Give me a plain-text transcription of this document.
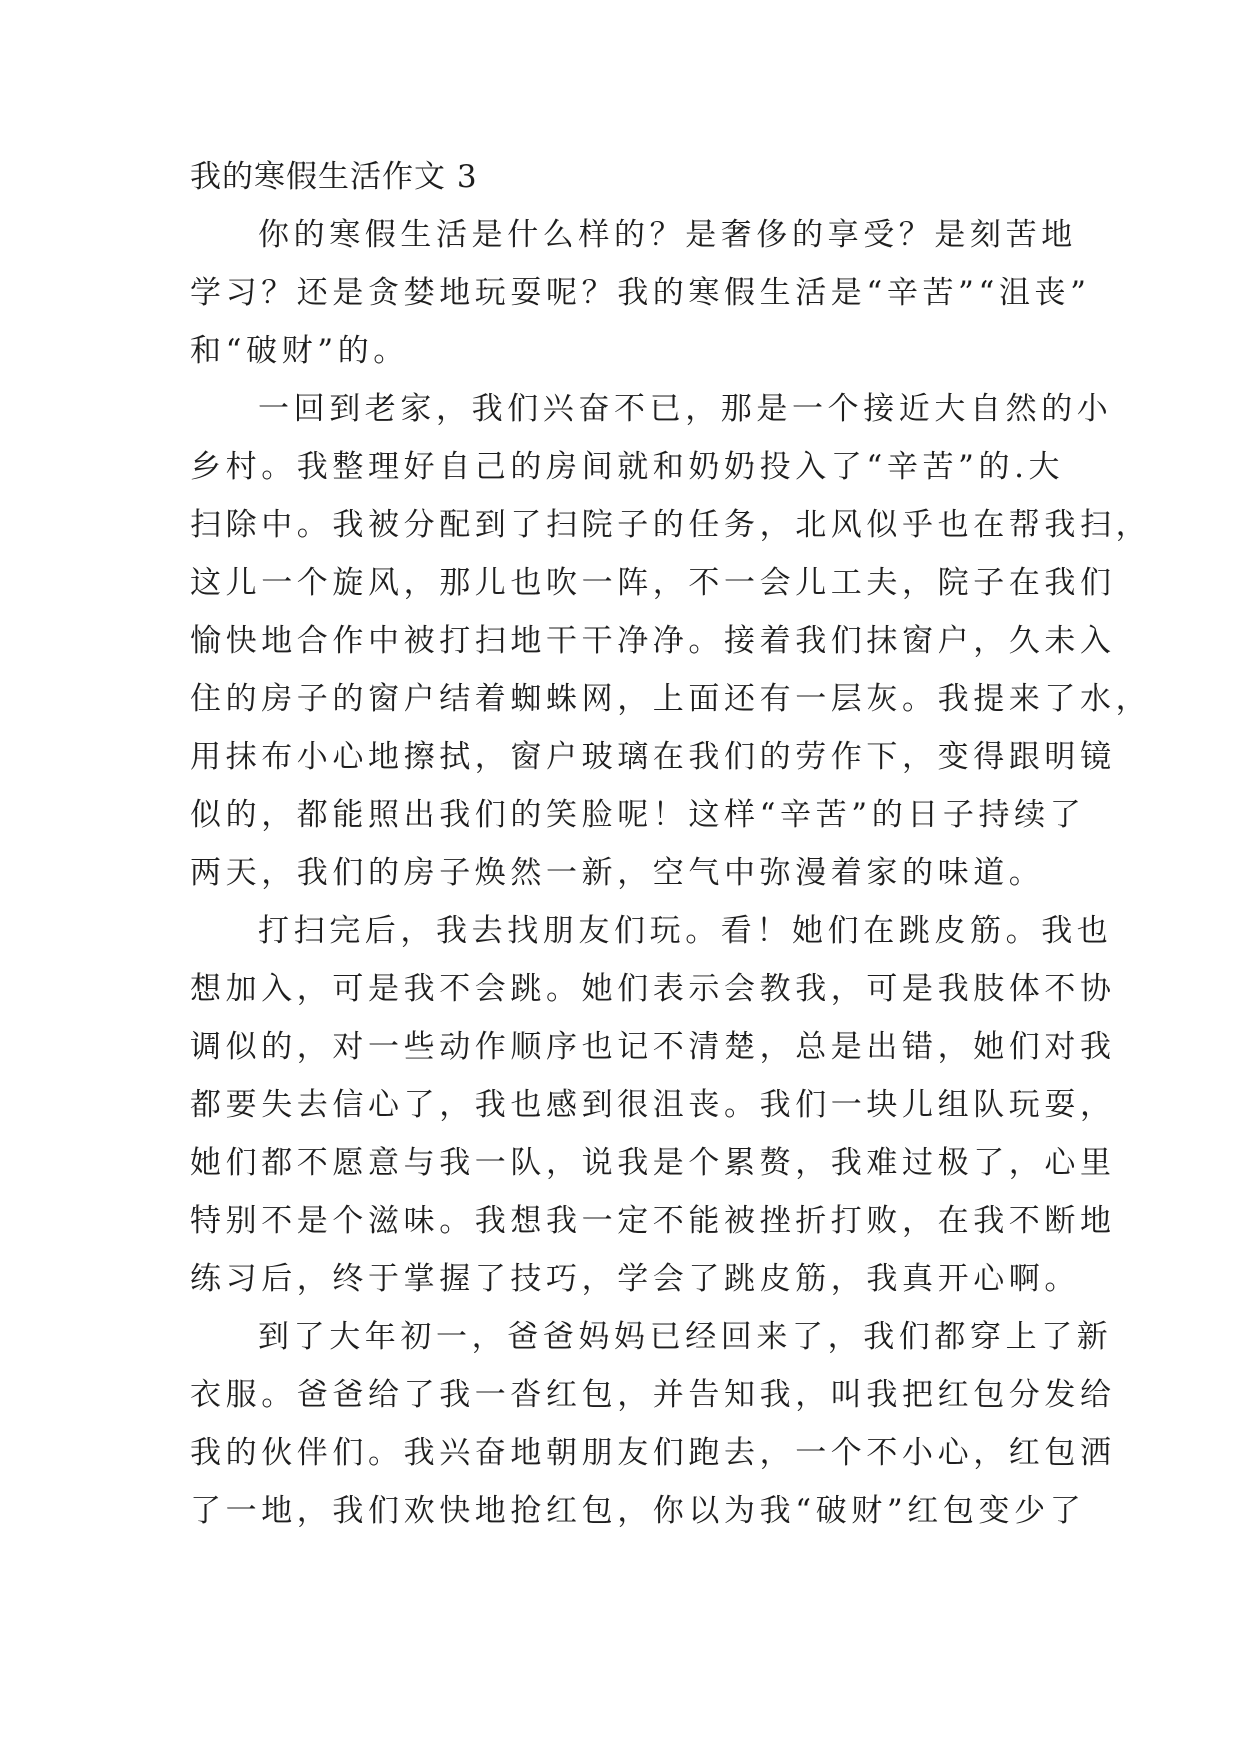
我的寒假生活作文 3
你的寒假生活是什么样的？是奢侈的享受？是刻苦地
学习？还是贪婪地玩耍呢？我的寒假生活是“辛苦”“沮丧”
和“破财”的。
一回到老家，我们兴奋不已，那是一个接近大自然的小
乡村。我整理好自己的房间就和奶奶投入了“辛苦”的.大
扫除中。我被分配到了扫院子的任务，北风似乎也在帮我扫，
这儿一个旋风，那儿也吹一阵，不一会儿工夫，院子在我们
愉快地合作中被打扫地干干净净。接着我们抹窗户，久未入
住的房子的窗户结着蜘蛛网，上面还有一层灰。我提来了水，
用抹布小心地擦拭，窗户玻璃在我们的劳作下，变得跟明镜
似的，都能照出我们的笑脸呢！这样“辛苦”的日子持续了
两天，我们的房子焕然一新，空气中弥漫着家的味道。
打扫完后，我去找朋友们玩。看！她们在跳皮筋。我也
想加入，可是我不会跳。她们表示会教我，可是我肢体不协
调似的，对一些动作顺序也记不清楚，总是出错，她们对我
都要失去信心了，我也感到很沮丧。我们一块儿组队玩耍，
她们都不愿意与我一队，说我是个累赘，我难过极了，心里
特别不是个滋味。我想我一定不能被挫折打败，在我不断地
练习后，终于掌握了技巧，学会了跳皮筋，我真开心啊。
到了大年初一，爸爸妈妈已经回来了，我们都穿上了新
衣服。爸爸给了我一沓红包，并告知我，叫我把红包分发给
我的伙伴们。我兴奋地朝朋友们跑去，一个不小心，红包洒
了一地，我们欢快地抢红包，你以为我“破财”红包变少了
